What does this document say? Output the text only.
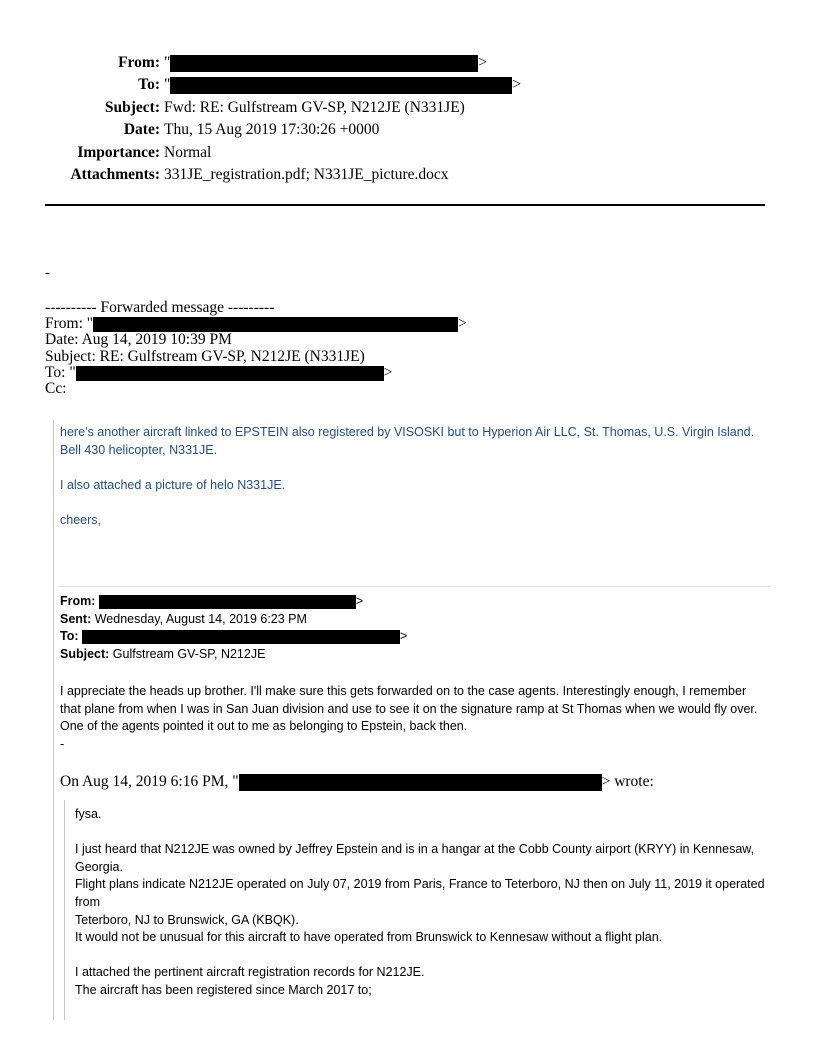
From: "	>
To: "	>
Subject: Fwd: RE: Gulfstream GV-SP, N212JE (N331JE)
Date: Thu, 15 Aug 2019 17:30:26 +0000
Importance: Normal
Attachments: 331JE_registration.pdf; N331JE_picture.docx
-
---------- Forwarded message ---------
From: "	>
Date: Aug 14, 2019 10:39 PM
Subject: RE: Gulfstream GV-SP, N212JE (N331JE)
To: "	>
Cc:

here’s another aircraft linked to EPSTEIN also registered by VISOSKI but to Hyperion Air LLC, St. Thomas, U.S. Virgin Island.

Bell 430 helicopter, N331JE.

I also attached a picture of helo N331JE.

cheers,

From:	>
Sent: Wednesday, August 14, 2019 6:23 PM
To:	>
Subject: Gulfstream GV-SP, N212JE

I appreciate the heads up brother. I'll make sure this gets forwarded on to the case agents. Interestingly enough, I remember that plane from when I was in San Juan division and use to see it on the signature ramp at St Thomas when we would fly over. One of the agents pointed it out to me as belonging to Epstein, back then.

-

On Aug 14, 2019 6:16 PM, "	> wrote:

fysa.

I just heard that N212JE was owned by Jeffrey Epstein and is in a hangar at the Cobb County airport (KRYY) in Kennesaw, Georgia.

Flight plans indicate N212JE operated on July 07, 2019 from Paris, France to Teterboro, NJ then on July 11, 2019 it operated from

Teterboro, NJ to Brunswick, GA (KBQK).

It would not be unusual for this aircraft to have operated from Brunswick to Kennesaw without a flight plan.

I attached the pertinent aircraft registration records for N212JE.

The aircraft has been registered since March 2017 to;
